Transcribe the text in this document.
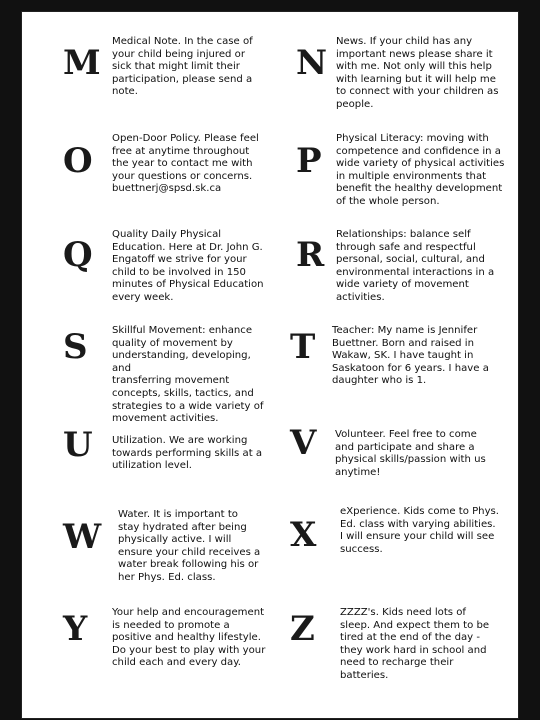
M
Medical Note. In the case of
your child being injured or
sick that might limit their
participation, please send a
note.
N
News. If your child has any
important news please share it
with me. Not only will this help
with learning but it will help me
to connect with your children as
people.
O
Open-Door Policy. Please feel
free at anytime throughout
the year to contact me with
your questions or concerns.
buettnerj@spsd.sk.ca
P
Physical Literacy: moving with
competence and confidence in a
wide variety of physical activities
in multiple environments that
benefit the healthy development
of the whole person.
Q
Quality Daily Physical
Education. Here at Dr. John G.
Engatoff we strive for your
child to be involved in 150
minutes of Physical Education
every week.
R
Relationships: balance self
through safe and respectful
personal, social, cultural, and
environmental interactions in a
wide variety of movement
activities.
S Skillful Movement: enhance
quality of movement by
understanding, developing, and
transferring movement
concepts, skills, tactics, and
strategies to a wide variety of
movement activities.
T Teacher: My name is Jennifer
Buettner. Born and raised in
Wakaw, SK. I have taught in
Saskatoon for 6 years. I have a
daughter who is 1.
U Utilization. We are working
towards performing skills at a
utilization level.
V Volunteer. Feel free to come
and participate and share a
physical skills/passion with us
anytime!
W
Water. It is important to
stay hydrated after being
physically active. I will
ensure your child receives a
water break following his or
her Phys. Ed. class.
X
eXperience. Kids come to Phys.
Ed. class with varying abilities.
I will ensure your child will see
success.
Y Your help and encouragement
is needed to promote a
positive and healthy lifestyle.
Do your best to play with your
child each and every day.
Z ZZZZ's. Kids need lots of
sleep. And expect them to be
tired at the end of the day -
they work hard in school and
need to recharge their
batteries.
